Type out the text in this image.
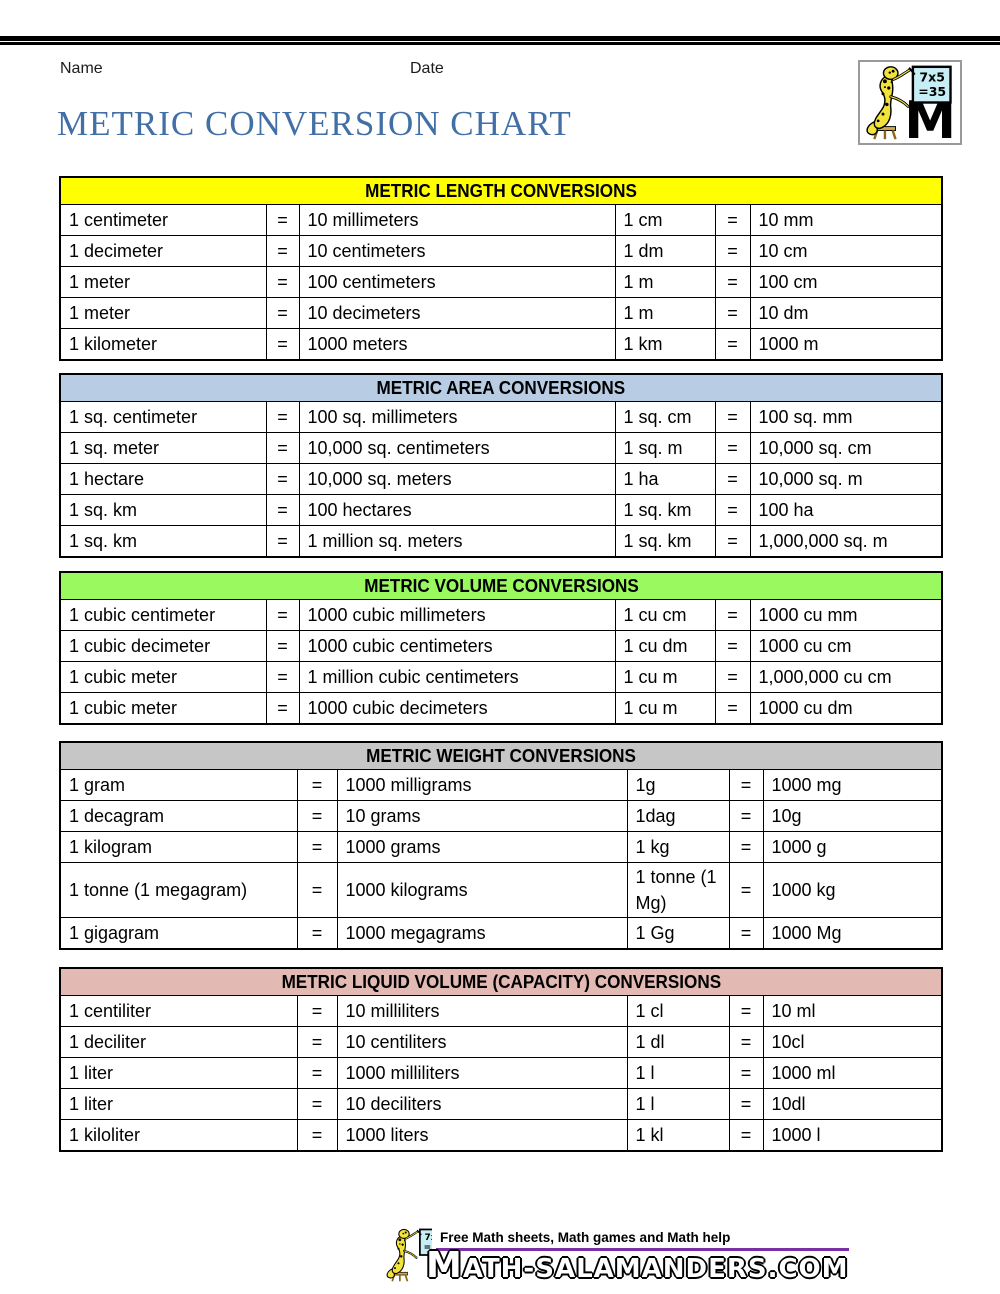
Name	Date
METRIC CONVERSION CHART	M
METRIC LENGTH CONVERSIONS					
1 centimeter	=	10 millimeters	1 cm	=	10 mm
1 decimeter	=	10 centimeters	1 dm	=	10 cm
1 meter	=	100 centimeters	1 m	=	100 cm
1 meter	=	10 decimeters	1 m	=	10 dm
1 kilometer	=	1000 meters	1 km	=	1000 m
METRIC AREA CONVERSIONS					
1 sq. centimeter	=	100 sq. millimeters	1 sq. cm	=	100 sq. mm
1 sq. meter	=	10,000 sq. centimeters	1 sq. m	=	10,000 sq. cm
1 hectare	=	10,000 sq. meters	1 ha	=	10,000 sq. m
1 sq. km	=	100 hectares	1 sq. km	=	100 ha
1 sq. km	=	1 million sq. meters	1 sq. km	=	1,000,000 sq. m
METRIC VOLUME CONVERSIONS					
1 cubic centimeter	=	1000 cubic millimeters	1 cu cm	=	1000 cu mm
1 cubic decimeter	=	1000 cubic centimeters	1 cu dm	=	1000 cu cm
1 cubic meter	=	1 million cubic centimeters	1 cu m	=	1,000,000 cu cm
1 cubic meter	=	1000 cubic decimeters	1 cu m	=	1000 cu dm
METRIC WEIGHT CONVERSIONS					
1 gram	=	1000 milligrams	1g	=	1000 mg
1 decagram	=	10 grams	1dag	=	10g
1 kilogram	=	1000 grams	1 kg	=	1000 g
1 tonne (1 megagram)	=	1000 kilograms	1 tonne (1 Mg)	=	1000 kg
1 gigagram	=	1000 megagrams	1 Gg	=	1000 Mg
METRIC LIQUID VOLUME (CAPACITY) CONVERSIONS					
1 centiliter	=	10 milliliters	1 cl	=	10 ml
1 deciliter	=	10 centiliters	1 dl	=	10cl
1 liter	=	1000 milliliters	1 l	=	1000 ml
1 liter	=	10 deciliters	1 l	=	10dl
1 kiloliter	=	1000 liters	1 kl	=	1000 l
Free Math sheets, Math games and Math help
MATH-SALAMANDERS.COM
